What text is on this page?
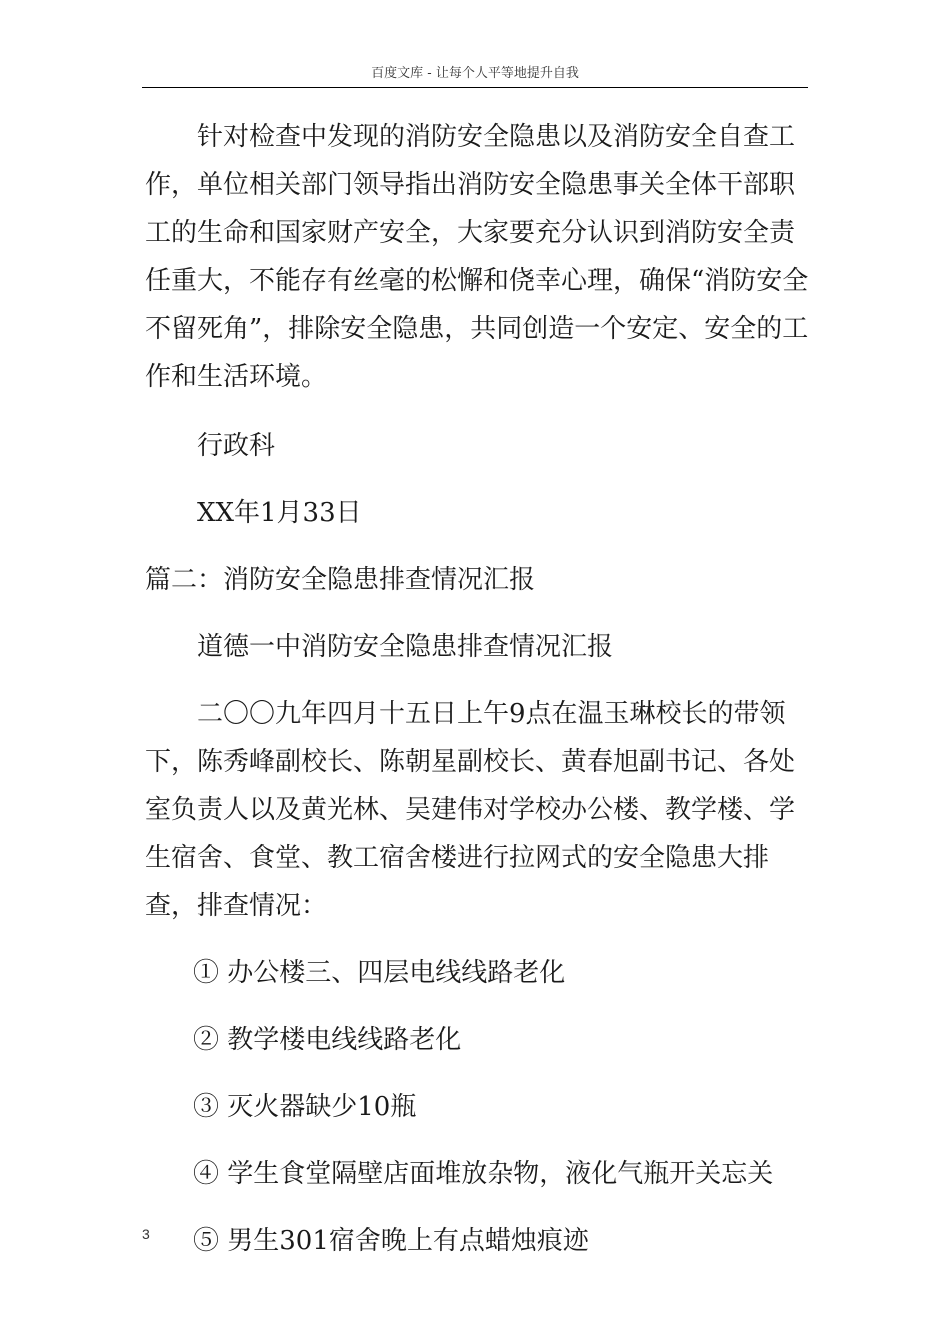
百度文库 - 让每个人平等地提升自我

针对检查中发现的消防安全隐患以及消防安全自查工作，单位相关部门领导指出消防安全隐患事关全体干部职工的生命和国家财产安全，大家要充分认识到消防安全责任重大，不能存有丝毫的松懈和侥幸心理，确保“消防安全不留死角”，排除安全隐患，共同创造一个安定、安全的工作和生活环境。

行政科

XX年1月33日

篇二：消防安全隐患排查情况汇报

道德一中消防安全隐患排查情况汇报

二〇〇九年四月十五日上午9点在温玉琳校长的带领下，陈秀峰副校长、陈朝星副校长、黄春旭副书记、各处室负责人以及黄光林、吴建伟对学校办公楼、教学楼、学生宿舍、食堂、教工宿舍楼进行拉网式的安全隐患大排查，排查情况：

① 办公楼三、四层电线线路老化

② 教学楼电线线路老化

③ 灭火器缺少10瓶

④ 学生食堂隔壁店面堆放杂物，液化气瓶开关忘关

⑤ 男生301宿舍晚上有点蜡烛痕迹

3
